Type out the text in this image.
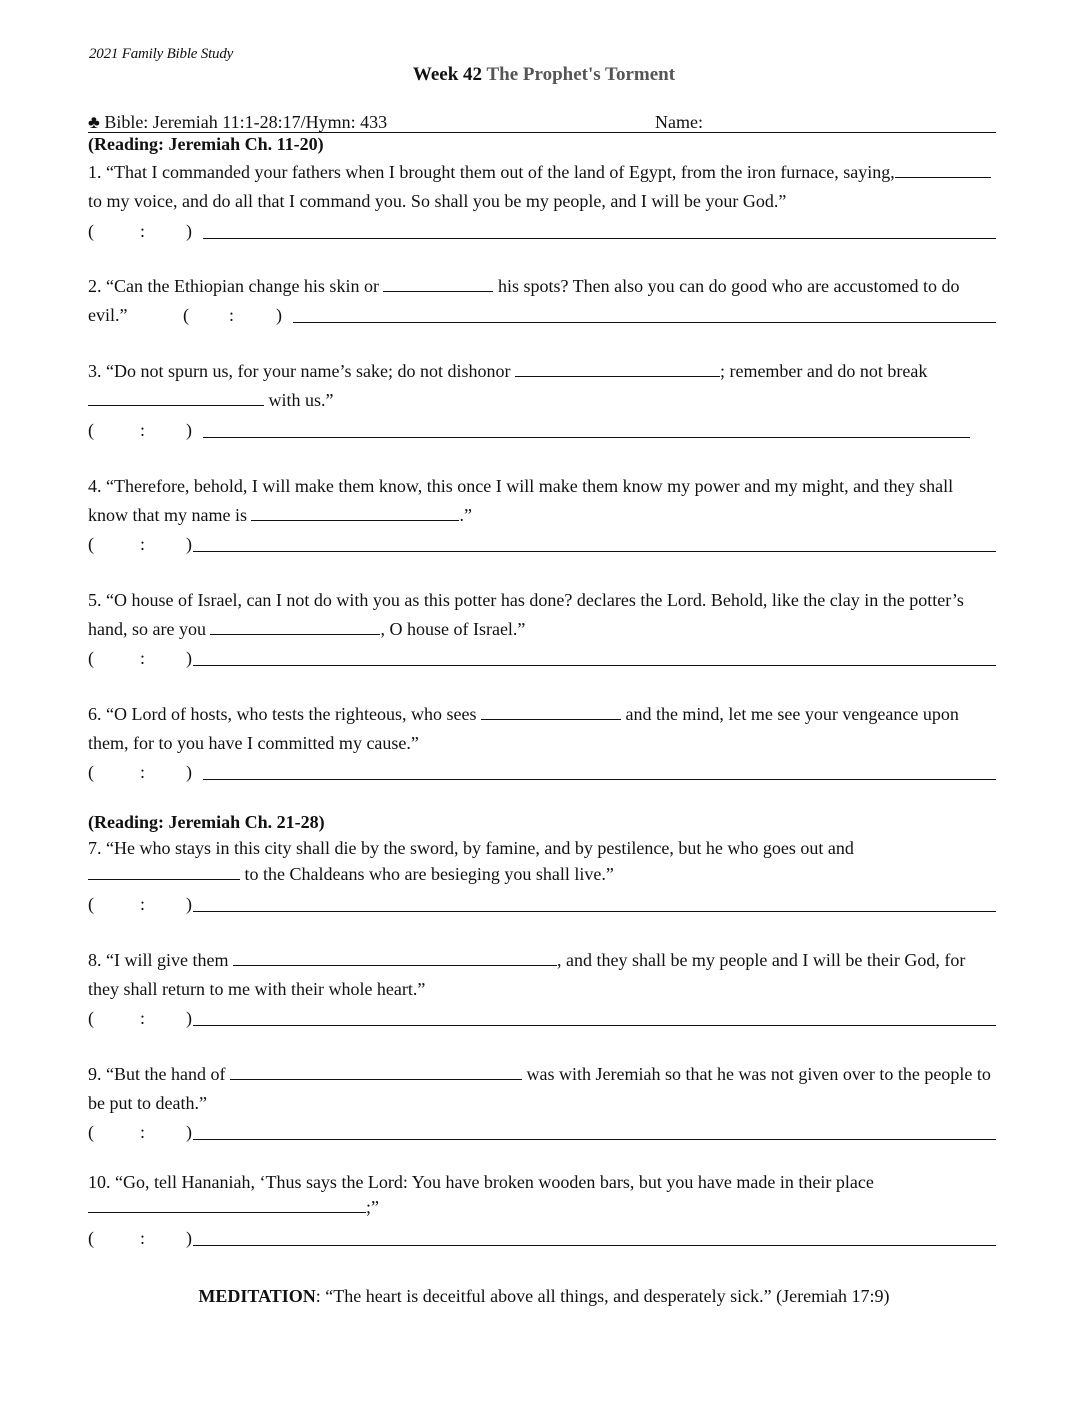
2021 Family Bible Study
Week 42 The Prophet's Torment
♣ Bible: Jeremiah 11:1-28:17/Hymn: 433	Name:
(Reading: Jeremiah Ch. 11-20)
1. “That I commanded your fathers when I brought them out of the land of Egypt, from the iron furnace, saying, to my voice, and do all that I command you. So shall you be my people, and I will be your God.”
(	: )
2. “Can the Ethiopian change his skin or	his spots? Then also you can do good who are accustomed to do evil.”	( : )
3. “Do not spurn us, for your name’s sake; do not dishonor	; remember and do not break  with us.”
(	: )
4. “Therefore, behold, I will make them know, this once I will make them know my power and my might, and they shall know that my name is	.”
(	: )
5. “O house of Israel, can I not do with you as this potter has done? declares the Lord. Behold, like the clay in the potter’s hand, so are you	, O house of Israel.”
(	: )
6. “O Lord of hosts, who tests the righteous, who sees	and the mind, let me see your vengeance upon them, for to you have I committed my cause.”
(	: )
(Reading: Jeremiah Ch. 21-28)
7. “He who stays in this city shall die by the sword, by famine, and by pestilence, but he who goes out and  to the Chaldeans who are besieging you shall live.”
(	: )
8. “I will give them	, and they shall be my people and I will be their God, for they shall return to me with their whole heart.”
(	: )
9. “But the hand of	was with Jeremiah so that he was not given over to the people to be put to death.”
(	: )
10. “Go, tell Hananiah, ‘Thus says the Lord: You have broken wooden bars, but you have made in their place ;”
(	: )
MEDITATION: “The heart is deceitful above all things, and desperately sick.” (Jeremiah 17:9)
